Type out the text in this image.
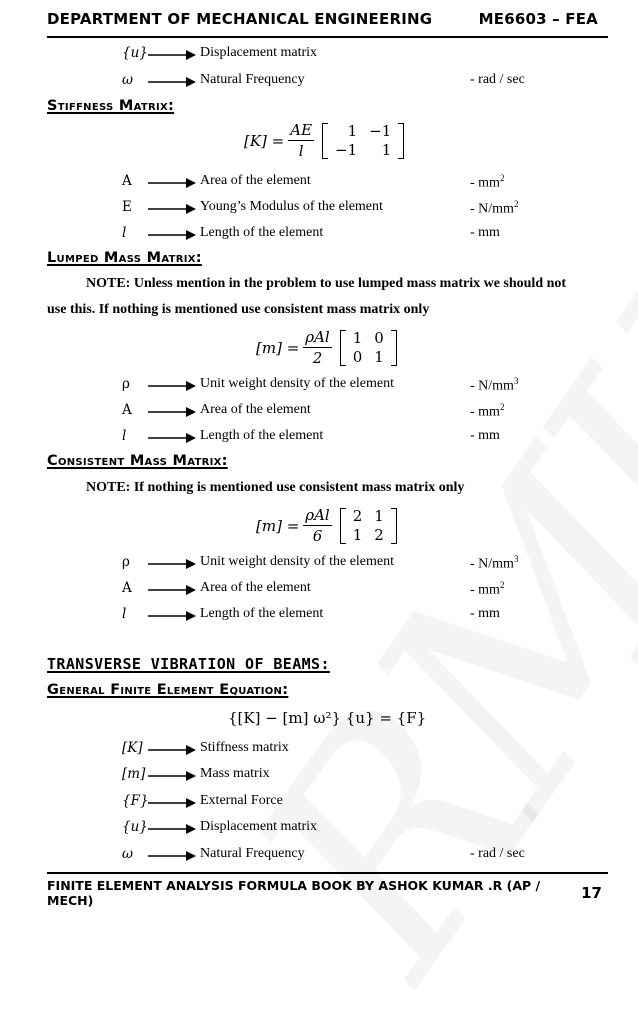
DEPARTMENT OF MECHANICAL ENGINEERING	ME6603 – FEA
{u}	Displacement matrix
ω	Natural Frequency	- rad / sec
Stiffness Matrix:
$[K] = \frac{AE}{l} 1$	−1
−1	1
A	Area of the element	- $mm^2$
E	Young’s Modulus of the element	- $N/mm^2$
l	Length of the element	- mm
Lumped Mass Matrix:
NOTE: Unless mention in the problem to use lumped mass matrix we should not
use this. If nothing is mentioned use consistent mass matrix only
$[m] = \frac{\text{ρAl}}{2} 1$	0
0	1
ρ	Unit weight density of the element	- $N/mm^3$
A	Area of the element	- $mm^2$
l	Length of the element	- mm
Consistent Mass Matrix:
NOTE: If nothing is mentioned use consistent mass matrix only
$[m] = \frac{\text{ρAl}}{6} 2$	1
1	2
ρ	Unit weight density of the element	- $N/mm^3$
A	Area of the element	- $mm^2$
l	Length of the element	- mm
TRANSVERSE VIBRATION OF BEAMS:
General Finite Element Equation:
{[K] − [m] ω²} {u} = {F}
[K]	Stiffness matrix
[m]	Mass matrix
{F}	External Force
{u}	Displacement matrix
ω	Natural Frequency	- rad / sec
FINITE ELEMENT ANALYSIS FORMULA BOOK BY ASHOK KUMAR .R (AP / MECH)	17
